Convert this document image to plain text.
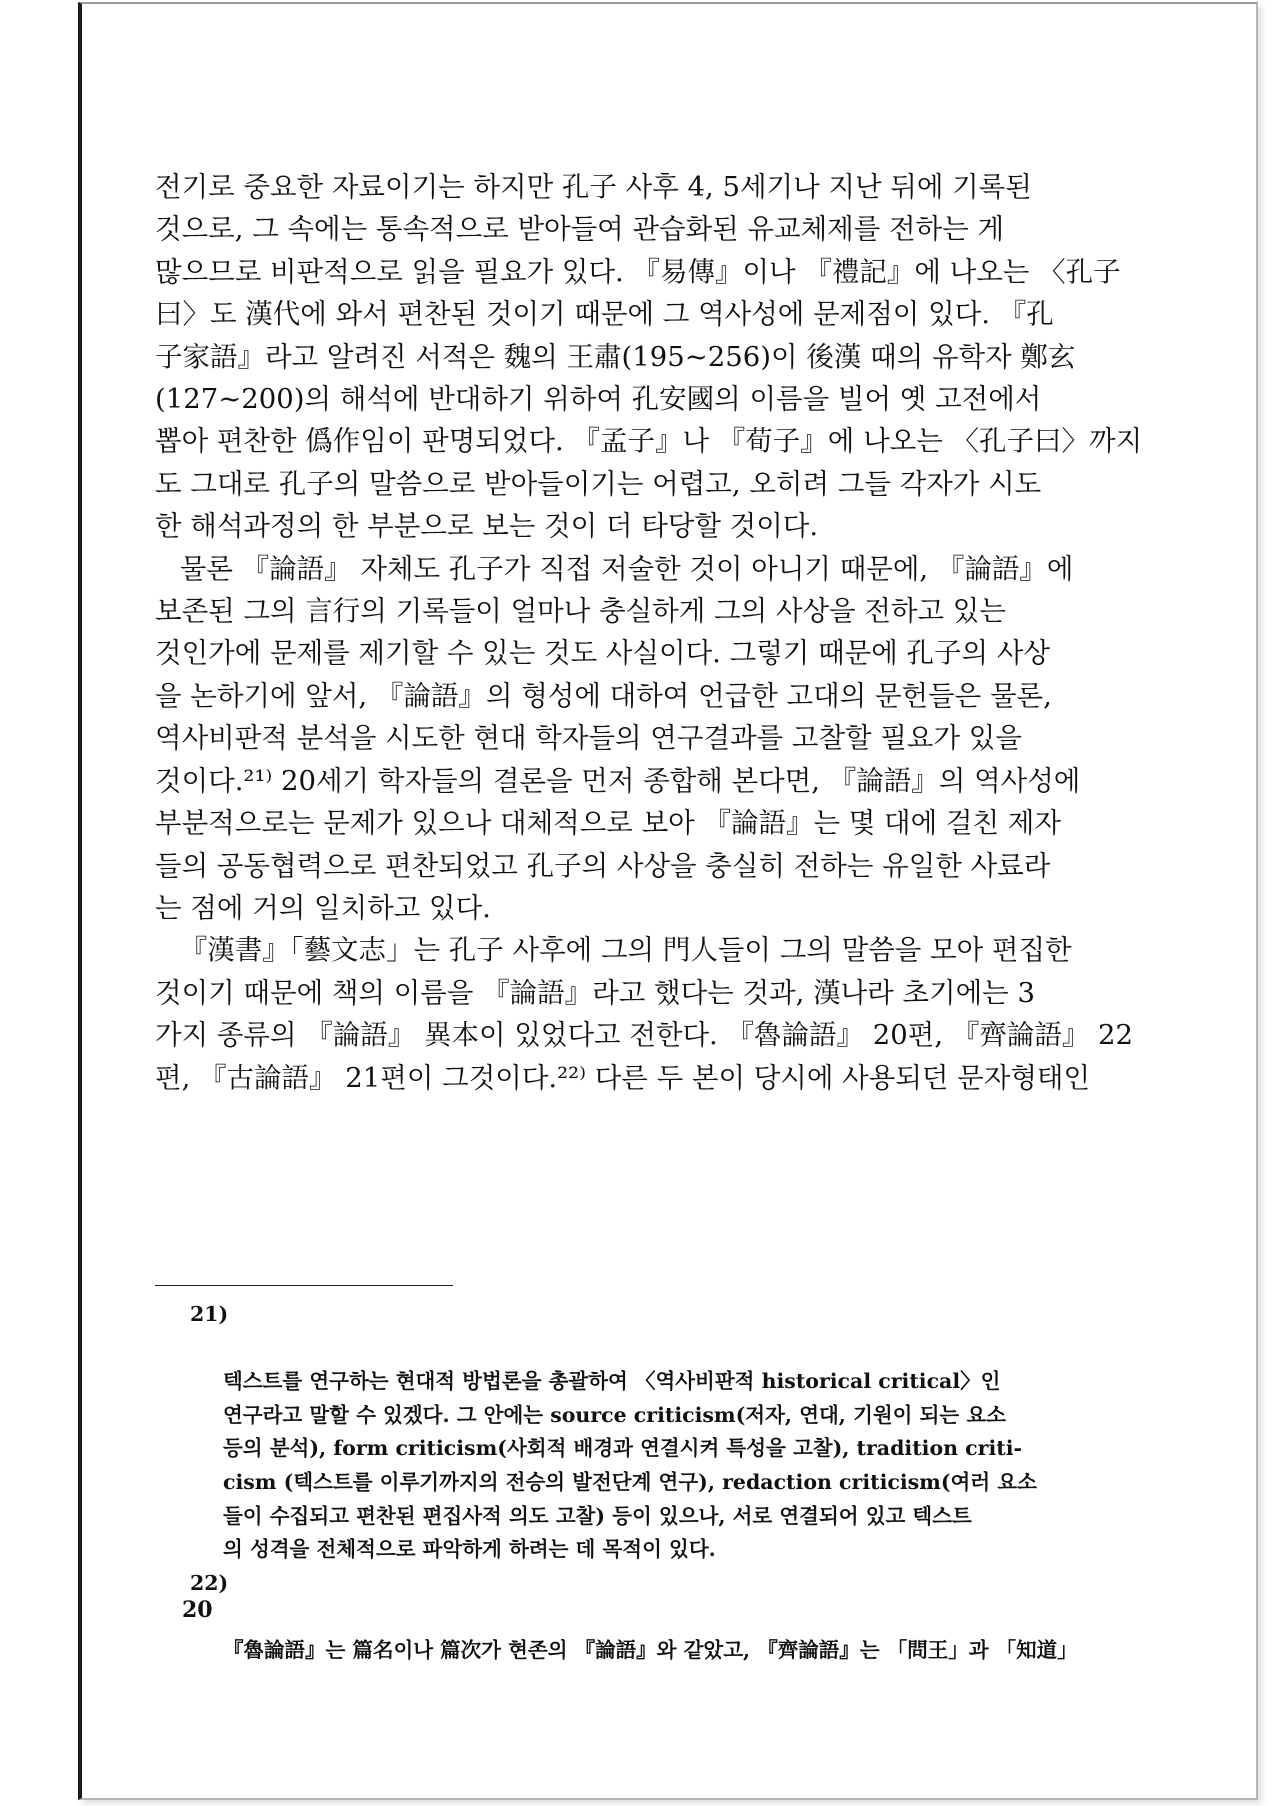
전기로 중요한 자료이기는 하지만 孔子 사후 4, 5세기나 지난 뒤에 기록된
것으로, 그 속에는 통속적으로 받아들여 관습화된 유교체제를 전하는 게
많으므로 비판적으로 읽을 필요가 있다. 『易傳』이나 『禮記』에 나오는 〈孔子
曰〉도 漢代에 와서 편찬된 것이기 때문에 그 역사성에 문제점이 있다. 『孔
子家語』라고 알려진 서적은 魏의 王肅(195~256)이 後漢 때의 유학자 鄭玄
(127~200)의 해석에 반대하기 위하여 孔安國의 이름을 빌어 옛 고전에서
뽑아 편찬한 僞作임이 판명되었다. 『孟子』나 『荀子』에 나오는 〈孔子曰〉까지
도 그대로 孔子의 말씀으로 받아들이기는 어렵고, 오히려 그들 각자가 시도
한 해석과정의 한 부분으로 보는 것이 더 타당할 것이다.

물론 『論語』 자체도 孔子가 직접 저술한 것이 아니기 때문에, 『論語』에
보존된 그의 言行의 기록들이 얼마나 충실하게 그의 사상을 전하고 있는
것인가에 문제를 제기할 수 있는 것도 사실이다. 그렇기 때문에 孔子의 사상
을 논하기에 앞서, 『論語』의 형성에 대하여 언급한 고대의 문헌들은 물론,
역사비판적 분석을 시도한 현대 학자들의 연구결과를 고찰할 필요가 있을
것이다.²¹⁾ 20세기 학자들의 결론을 먼저 종합해 본다면, 『論語』의 역사성에
부분적으로는 문제가 있으나 대체적으로 보아 『論語』는 몇 대에 걸친 제자
들의 공동협력으로 편찬되었고 孔子의 사상을 충실히 전하는 유일한 사료라
는 점에 거의 일치하고 있다.

『漢書』「藝文志」는 孔子 사후에 그의 門人들이 그의 말씀을 모아 편집한
것이기 때문에 책의 이름을 『論語』라고 했다는 것과, 漢나라 초기에는 3
가지 종류의 『論語』 異本이 있었다고 전한다. 『魯論語』 20편, 『齊論語』 22
편, 『古論語』 21편이 그것이다.²²⁾ 다른 두 본이 당시에 사용되던 문자형태인

21)

텍스트를 연구하는 현대적 방법론을 총괄하여 〈역사비판적 historical critical〉인
연구라고 말할 수 있겠다. 그 안에는 source criticism(저자, 연대, 기원이 되는 요소
등의 분석), form criticism(사회적 배경과 연결시켜 특성을 고찰), tradition criti-
cism (텍스트를 이루기까지의 전승의 발전단계 연구), redaction criticism(여러 요소
들이 수집되고 편찬된 편집사적 의도 고찰) 등이 있으나, 서로 연결되어 있고 텍스트
의 성격을 전체적으로 파악하게 하려는 데 목적이 있다.

22)

『魯論語』는 篇名이나 篇次가 현존의 『論語』와 같았고, 『齊論語』는 「問王」과 「知道」

20
